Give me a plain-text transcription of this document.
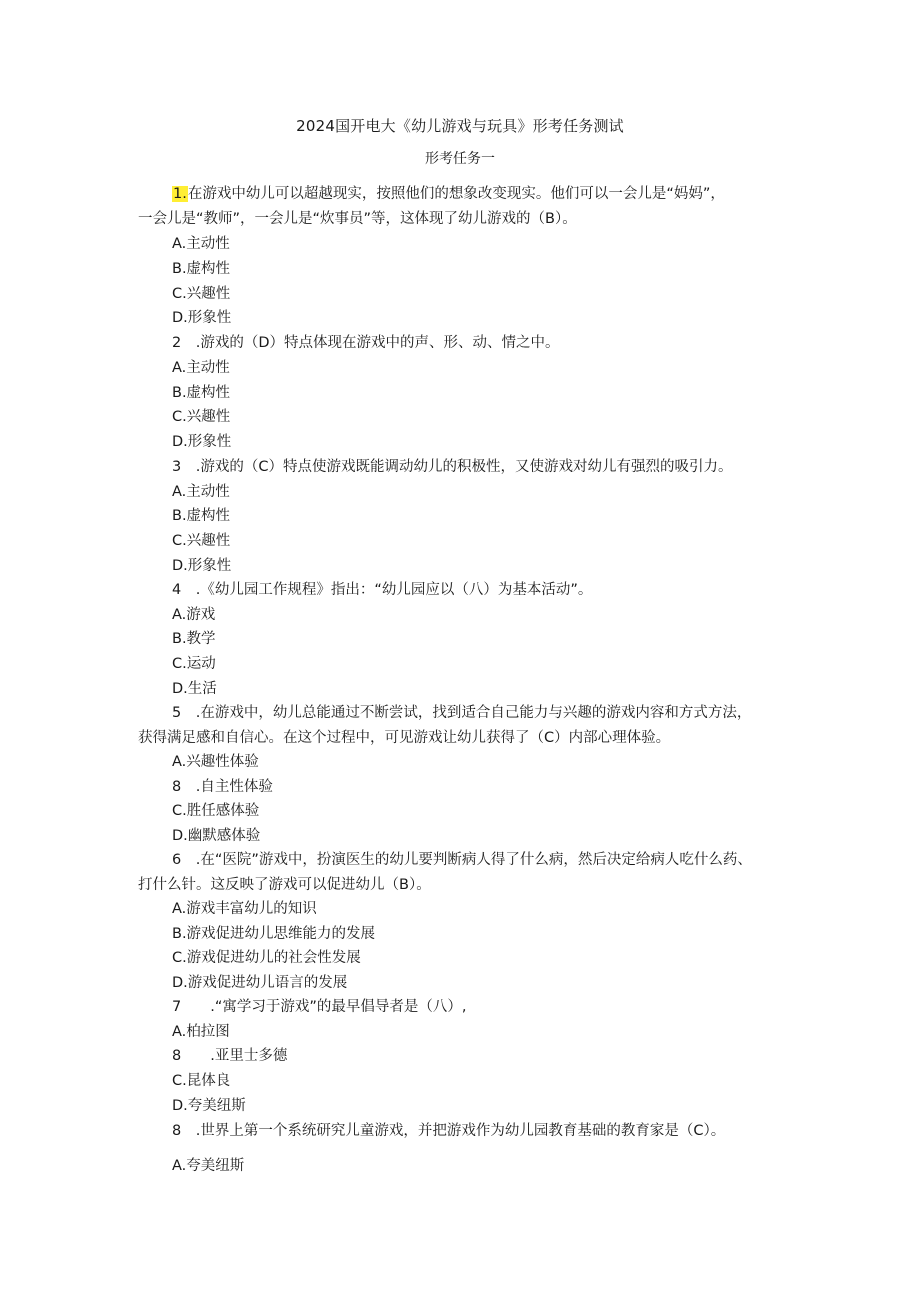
2024国开电大《幼儿游戏与玩具》形考任务测试
形考任务一
1.在游戏中幼儿可以超越现实，按照他们的想象改变现实。他们可以一会儿是“妈妈”，
一会儿是“教师”，一会儿是“炊事员”等，这体现了幼儿游戏的（B）。
A.主动性
B.虚构性
C.兴趣性
D.形象性
2　.游戏的（D）特点体现在游戏中的声、形、动、情之中。
A.主动性
B.虚构性
C.兴趣性
D.形象性
3　.游戏的（C）特点使游戏既能调动幼儿的积极性，又使游戏对幼儿有强烈的吸引力。
A.主动性
B.虚构性
C.兴趣性
D.形象性
4　.《幼儿园工作规程》指出：“幼儿园应以（八）为基本活动”。
A.游戏
B.教学
C.运动
D.生活
5　.在游戏中，幼儿总能通过不断尝试，找到适合自己能力与兴趣的游戏内容和方式方法，
获得满足感和自信心。在这个过程中，可见游戏让幼儿获得了（C）内部心理体验。
A.兴趣性体验
8　.自主性体验
C.胜任感体验
D.幽默感体验
6　.在“医院”游戏中，扮演医生的幼儿要判断病人得了什么病，然后决定给病人吃什么药、
打什么针。这反映了游戏可以促进幼儿（B）。
A.游戏丰富幼儿的知识
B.游戏促进幼儿思维能力的发展
C.游戏促进幼儿的社会性发展
D.游戏促进幼儿语言的发展
7　　.“寓学习于游戏”的最早倡导者是（八）,
A.柏拉图
8　　.亚里士多德
C.昆体良
D.夸美纽斯
8　.世界上第一个系统研究儿童游戏，并把游戏作为幼儿园教育基础的教育家是（C）。
A.夸美纽斯
